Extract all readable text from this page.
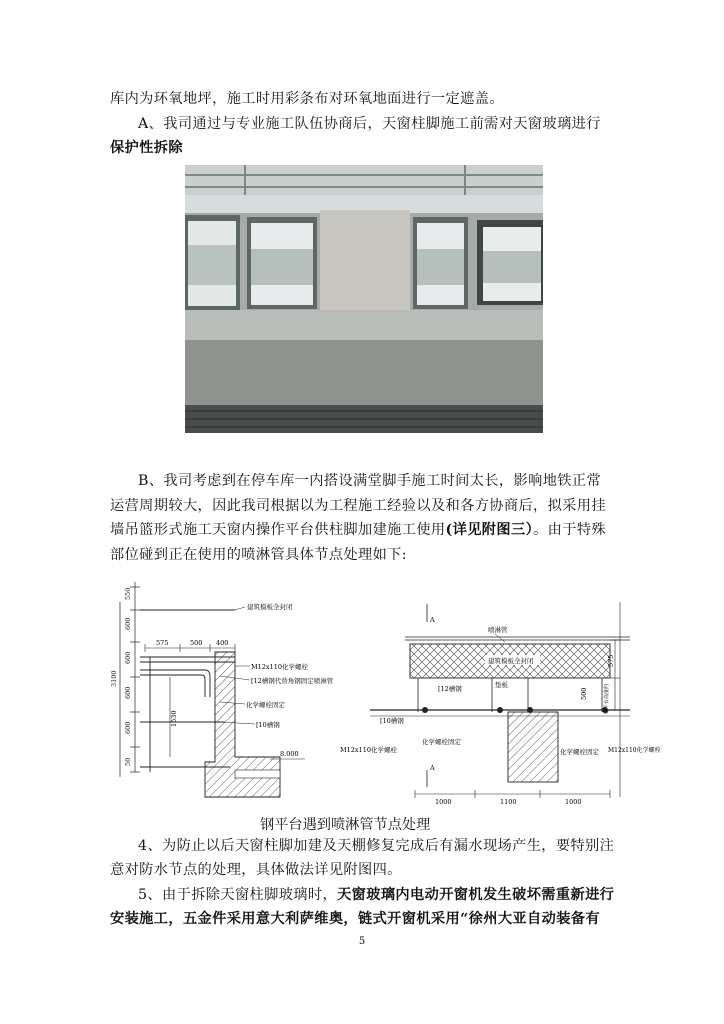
库内为环氧地坪，施工时用彩条布对环氧地面进行一定遮盖。
A、我司通过与专业施工队伍协商后，天窗柱脚施工前需对天窗玻璃进行
保护性拆除
B、我司考虑到在停车库一内搭设满堂脚手施工时间太长，影响地铁正常
运营周期较大，因此我司根据以为工程施工经验以及和各方协商后，拟采用挂
墙吊篮形式施工天窗内操作平台供柱脚加建施工使用(详见附图三）。由于特殊
部位碰到正在使用的喷淋管具体节点处理如下:
550
600
600
600
600
50
3100
575	500 400
1530
8.000
建筑模板全封闭
M12x110化学螺栓
[12槽钢代替角钢固定喷淋管
化学螺栓固定
[10槽钢
A
A
建筑模板全封闭
喷淋管
[12槽钢	垫板
[10槽钢
M12x110化学螺栓
化学螺栓固定
化学螺栓固定 M12x110化学螺栓
575
500	钢平台高度约
1000	1100	1000
钢平台遇到喷淋管节点处理
4、为防止以后天窗柱脚加建及天棚修复完成后有漏水现场产生，要特别注
意对防水节点的处理，具体做法详见附图四。
5、由于拆除天窗柱脚玻璃时，天窗玻璃内电动开窗机发生破坏需重新进行
安装施工，五金件采用意大利萨维奥，链式开窗机采用“徐州大亚自动装备有
5
